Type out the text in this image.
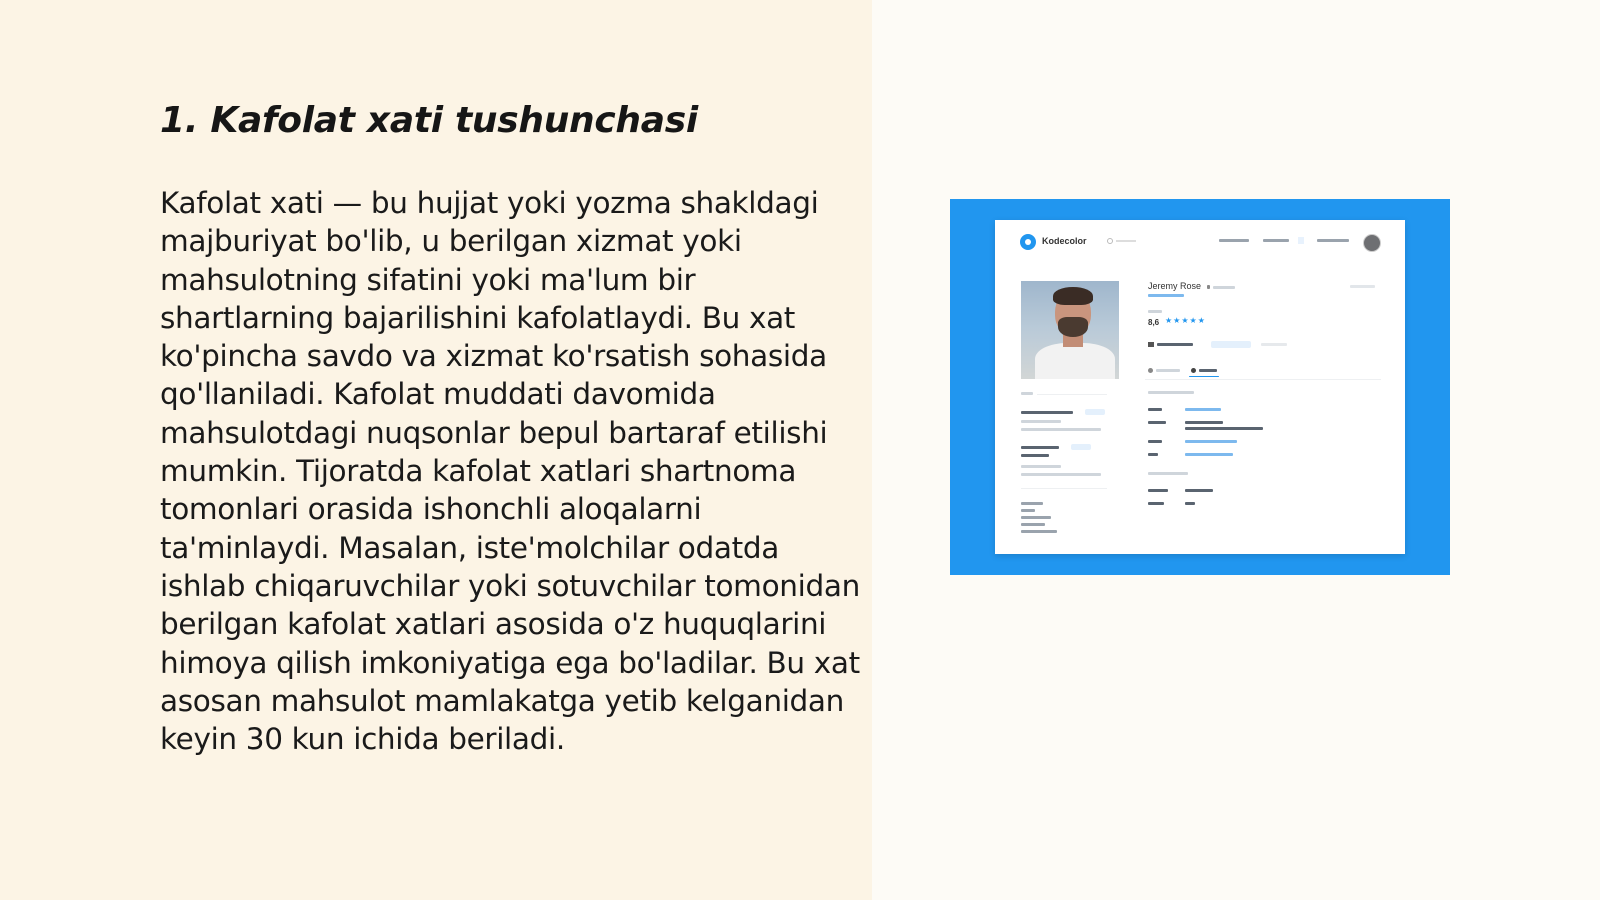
1. Kafolat xati tushunchasi

Kafolat xati — bu hujjat yoki yozma shakldagi majburiyat bo'lib, u berilgan xizmat yoki mahsulotning sifatini yoki ma'lum bir shartlarning bajarilishini kafolatlaydi. Bu xat ko'pincha savdo va xizmat ko'rsatish sohasida qo'llaniladi. Kafolat muddati davomida mahsulotdagi nuqsonlar bepul bartaraf etilishi mumkin. Tijoratda kafolat xatlari shartnoma tomonlari orasida ishonchli aloqalarni ta'minlaydi. Masalan, iste'molchilar odatda ishlab chiqaruvchilar yoki sotuvchilar tomonidan berilgan kafolat xatlari asosida o'z huquqlarini himoya qilish imkoniyatiga ega bo'ladilar. Bu xat asosan mahsulot mamlakatga yetib kelganidan keyin 30 kun ichida beriladi.

Kodecolor
Jeremy Rose
8,6 ★★★★★
